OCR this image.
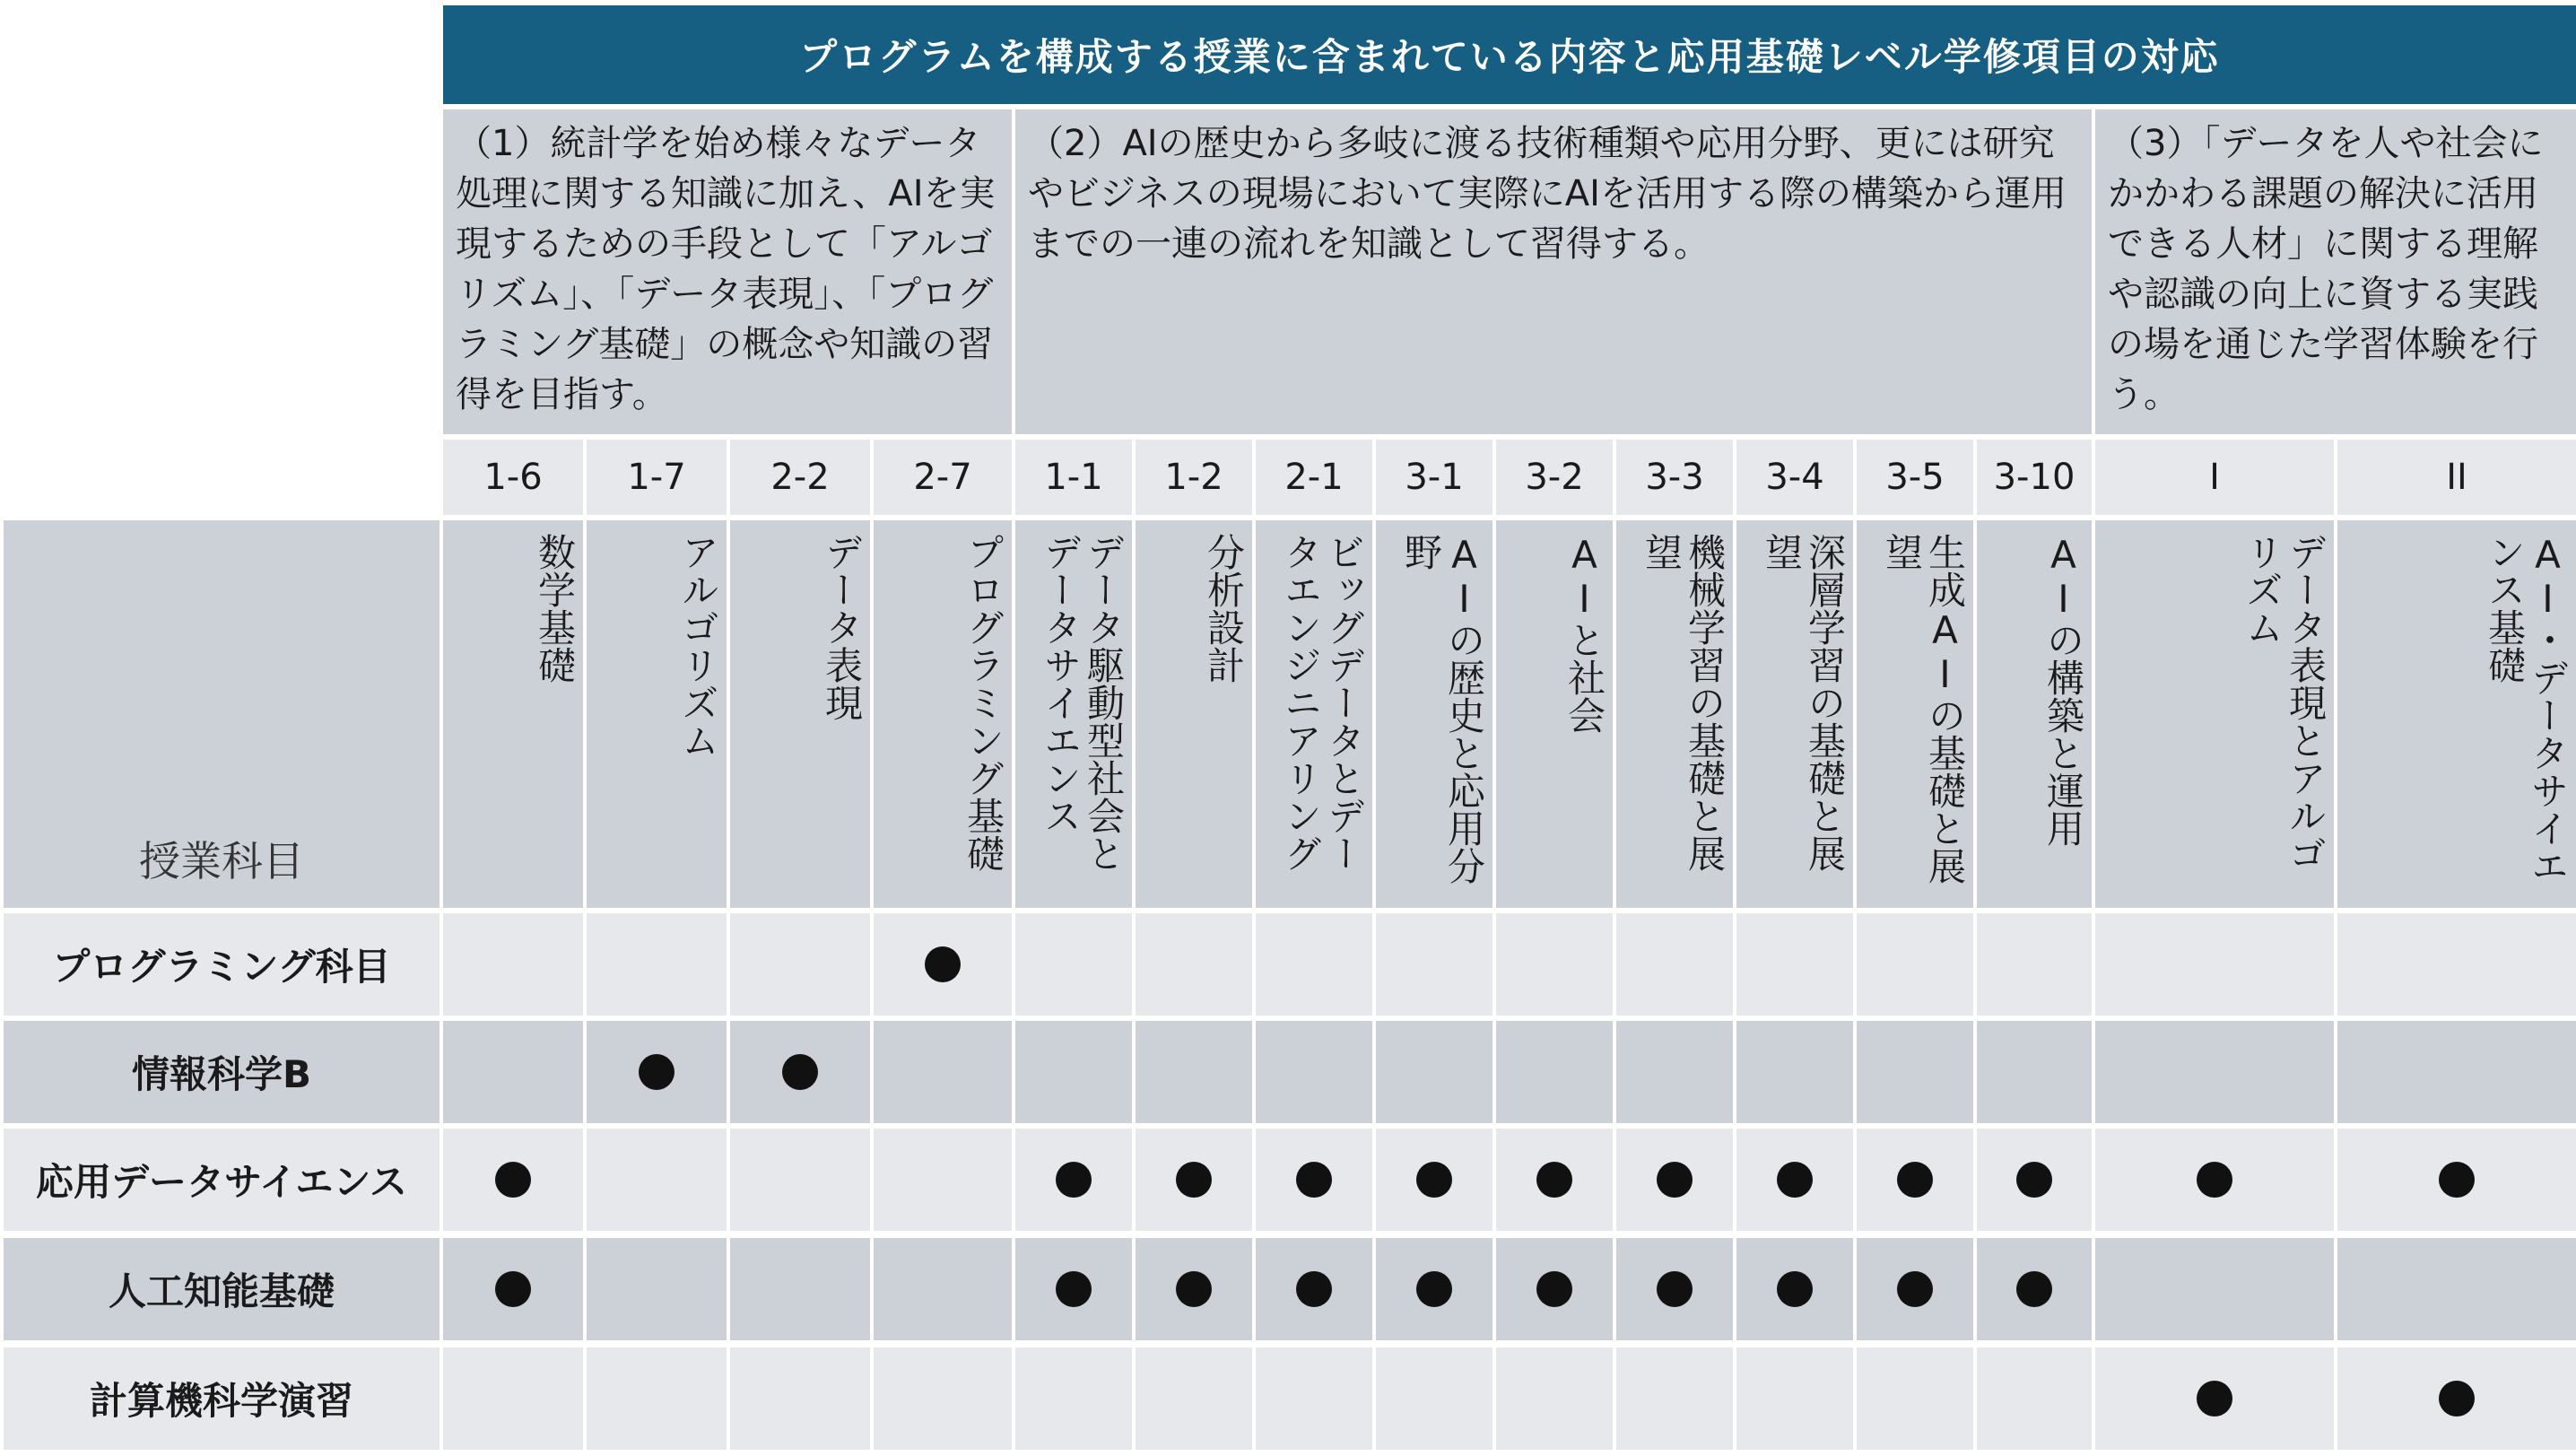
プログラムを構成する授業に含まれている内容と応用基礎レベル学修項目の対応
（1）統計学を始め様々なデータ処理に関する知識に加え、AIを実現するための手段として「アルゴリズム」、「データ表現」、「プログラミング基礎」の概念や知識の習得を目指す。
（2）AIの歴史から多岐に渡る技術種類や応用分野、更には研究やビジネスの現場において実際にAIを活用する際の構築から運用までの一連の流れを知識として習得する。
（3）「データを人や社会にかかわる課題の解決に活用できる人材」に関する理解や認識の向上に資する実践の場を通じた学習体験を行う。
授業科目
1-6
数学基礎
1-7
アルゴリズム
2-2
データ表現
2-7
プログラミング基礎
1-1
データ駆動型社会とデータサイエンス
1-2
分析設計
2-1
ビッグデータとデータエンジニアリング
3-1
AIの歴史と応用分野
3-2
AIと社会
3-3
機械学習の基礎と展望
3-4
深層学習の基礎と展望
3-5
生成AIの基礎と展望
3-10
AIの構築と運用
I
データ表現とアルゴリズム
II
AI・データサイエンス基礎
プログラミング科目
情報科学B
応用データサイエンス
人工知能基礎
計算機科学演習
